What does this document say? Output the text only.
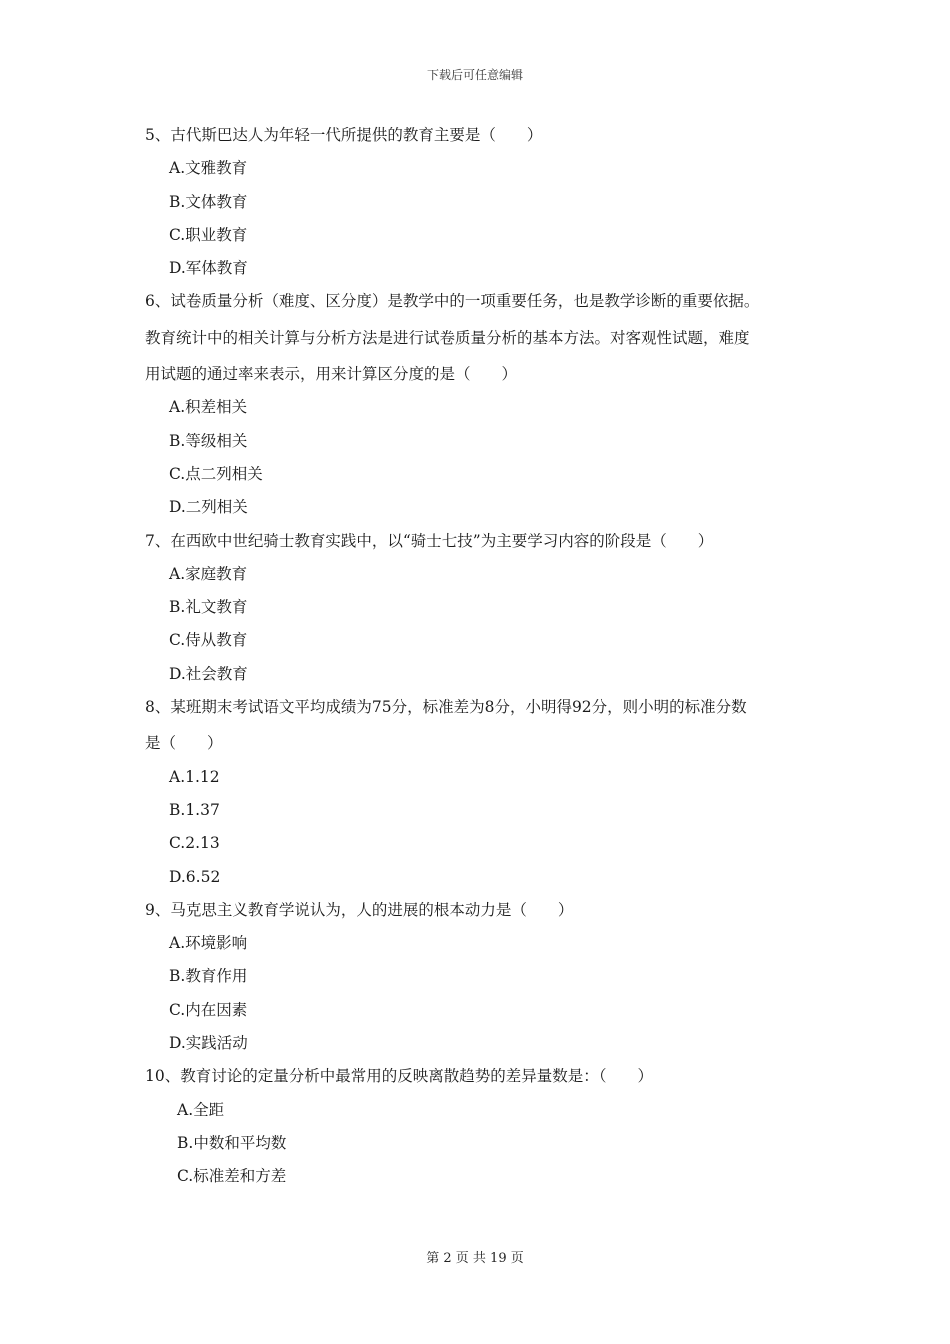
下载后可任意编辑
5、古代斯巴达人为年轻一代所提供的教育主要是（　　）
A.文雅教育
B.文体教育
C.职业教育
D.军体教育
6、试卷质量分析（难度、区分度）是教学中的一项重要任务，也是教学诊断的重要依据。
教育统计中的相关计算与分析方法是进行试卷质量分析的基本方法。对客观性试题，难度
用试题的通过率来表示，用来计算区分度的是（　　）
A.积差相关
B.等级相关
C.点二列相关
D.二列相关
7、在西欧中世纪骑士教育实践中，以“骑士七技”为主要学习内容的阶段是（　　）
A.家庭教育
B.礼文教育
C.侍从教育
D.社会教育
8、某班期末考试语文平均成绩为75分，标准差为8分，小明得92分，则小明的标准分数
是（　　）
A.1.12
B.1.37
C.2.13
D.6.52
9、马克思主义教育学说认为，人的进展的根本动力是（　　）
A.环境影响
B.教育作用
C.内在因素
D.实践活动
10、教育讨论的定量分析中最常用的反映离散趋势的差异量数是：（　　）
A.全距
B.中数和平均数
C.标准差和方差
第 2 页 共 19 页
